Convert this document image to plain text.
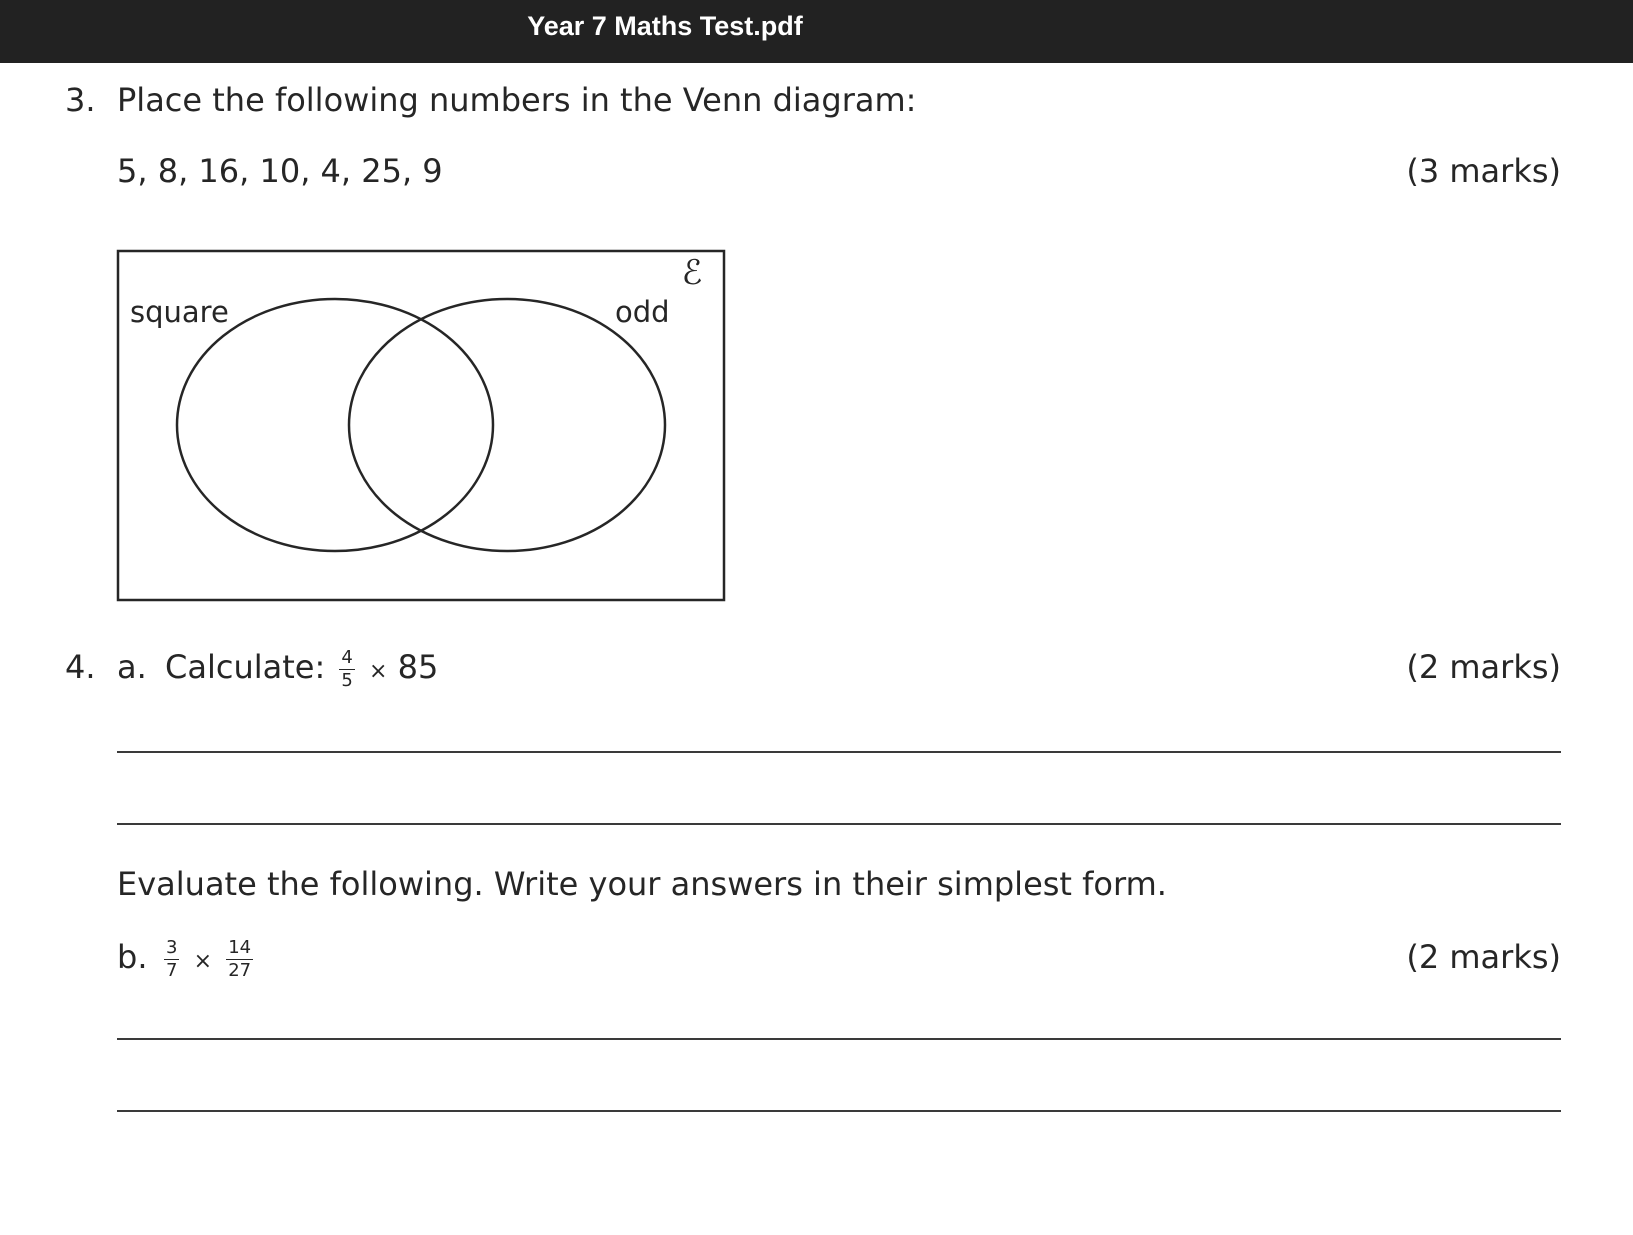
Year 7 Maths Test.pdf
3. Place the following numbers in the Venn diagram:
5, 8, 16, 10, 4, 25, 9	(3 marks)
ℰ
square	odd
4. a. Calculate: $\frac{4}{5} \times 85$	(2 marks)
Evaluate the following. Write your answers in their simplest form.
b. $\frac{3}{7} \times \frac{14}{27}$	(2 marks)
